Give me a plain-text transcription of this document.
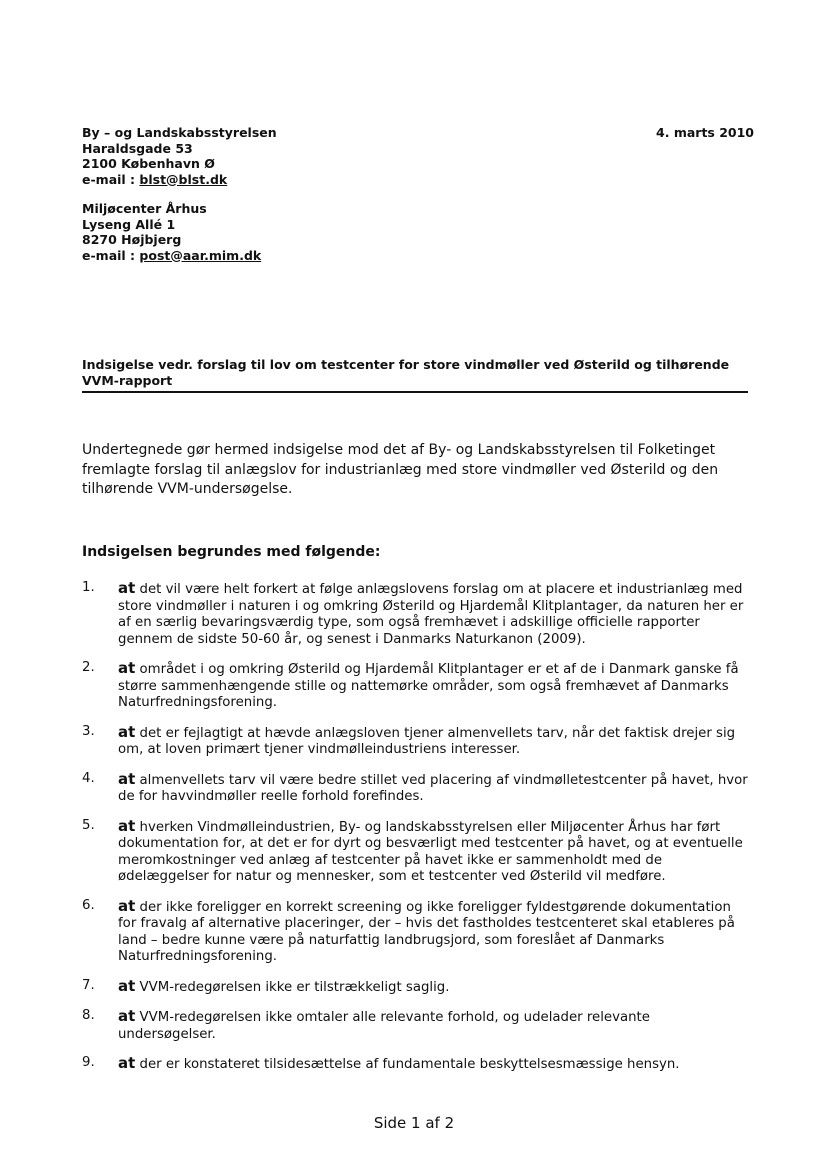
By – og Landskabsstyrelsen
Haraldsgade 53
2100 København Ø
e-mail : blst@blst.dk
4. marts 2010
Miljøcenter Århus
Lyseng Allé 1
8270 Højbjerg
e-mail : post@aar.mim.dk
Indsigelse vedr. forslag til lov om testcenter for store vindmøller ved Østerild og tilhørende VVM-rapport
Undertegnede gør hermed indsigelse mod det af By- og Landskabsstyrelsen til Folketinget fremlagte forslag til anlægslov for industrianlæg med store vindmøller ved Østerild og den tilhørende VVM-undersøgelse.
Indsigelsen begrundes med følgende:
1. at det vil være helt forkert at følge anlægslovens forslag om at placere et industrianlæg med store vindmøller i naturen i og omkring Østerild og Hjardemål Klitplantager, da naturen her er af en særlig bevaringsværdig type, som også fremhævet i adskillige officielle rapporter gennem de sidste 50-60 år, og senest i Danmarks Naturkanon (2009).
2. at området i og omkring Østerild og Hjardemål Klitplantager er et af de i Danmark ganske få større sammenhængende stille og nattemørke områder, som også fremhævet af Danmarks Naturfredningsforening.
3. at det er fejlagtigt at hævde anlægsloven tjener almenvellets tarv, når det faktisk drejer sig om, at loven primært tjener vindmølleindustriens interesser.
4. at almenvellets tarv vil være bedre stillet ved placering af vindmølletestcenter på havet, hvor de for havvindmøller reelle forhold forefindes.
5. at hverken Vindmølleindustrien, By- og landskabsstyrelsen eller Miljøcenter Århus har ført dokumentation for, at det er for dyrt og besværligt med testcenter på havet, og at eventuelle meromkostninger ved anlæg af testcenter på havet ikke er sammenholdt med de ødelæggelser for natur og mennesker, som et testcenter ved Østerild vil medføre.
6. at der ikke foreligger en korrekt screening og ikke foreligger fyldestgørende dokumentation for fravalg af alternative placeringer, der – hvis det fastholdes testcenteret skal etableres på land – bedre kunne være på naturfattig landbrugsjord, som foreslået af Danmarks Naturfredningsforening.
7. at VVM-redegørelsen ikke er tilstrækkeligt saglig.
8. at VVM-redegørelsen ikke omtaler alle relevante forhold, og udelader relevante undersøgelser.
9. at der er konstateret tilsidesættelse af fundamentale beskyttelsesmæssige hensyn.
Side 1 af 2
